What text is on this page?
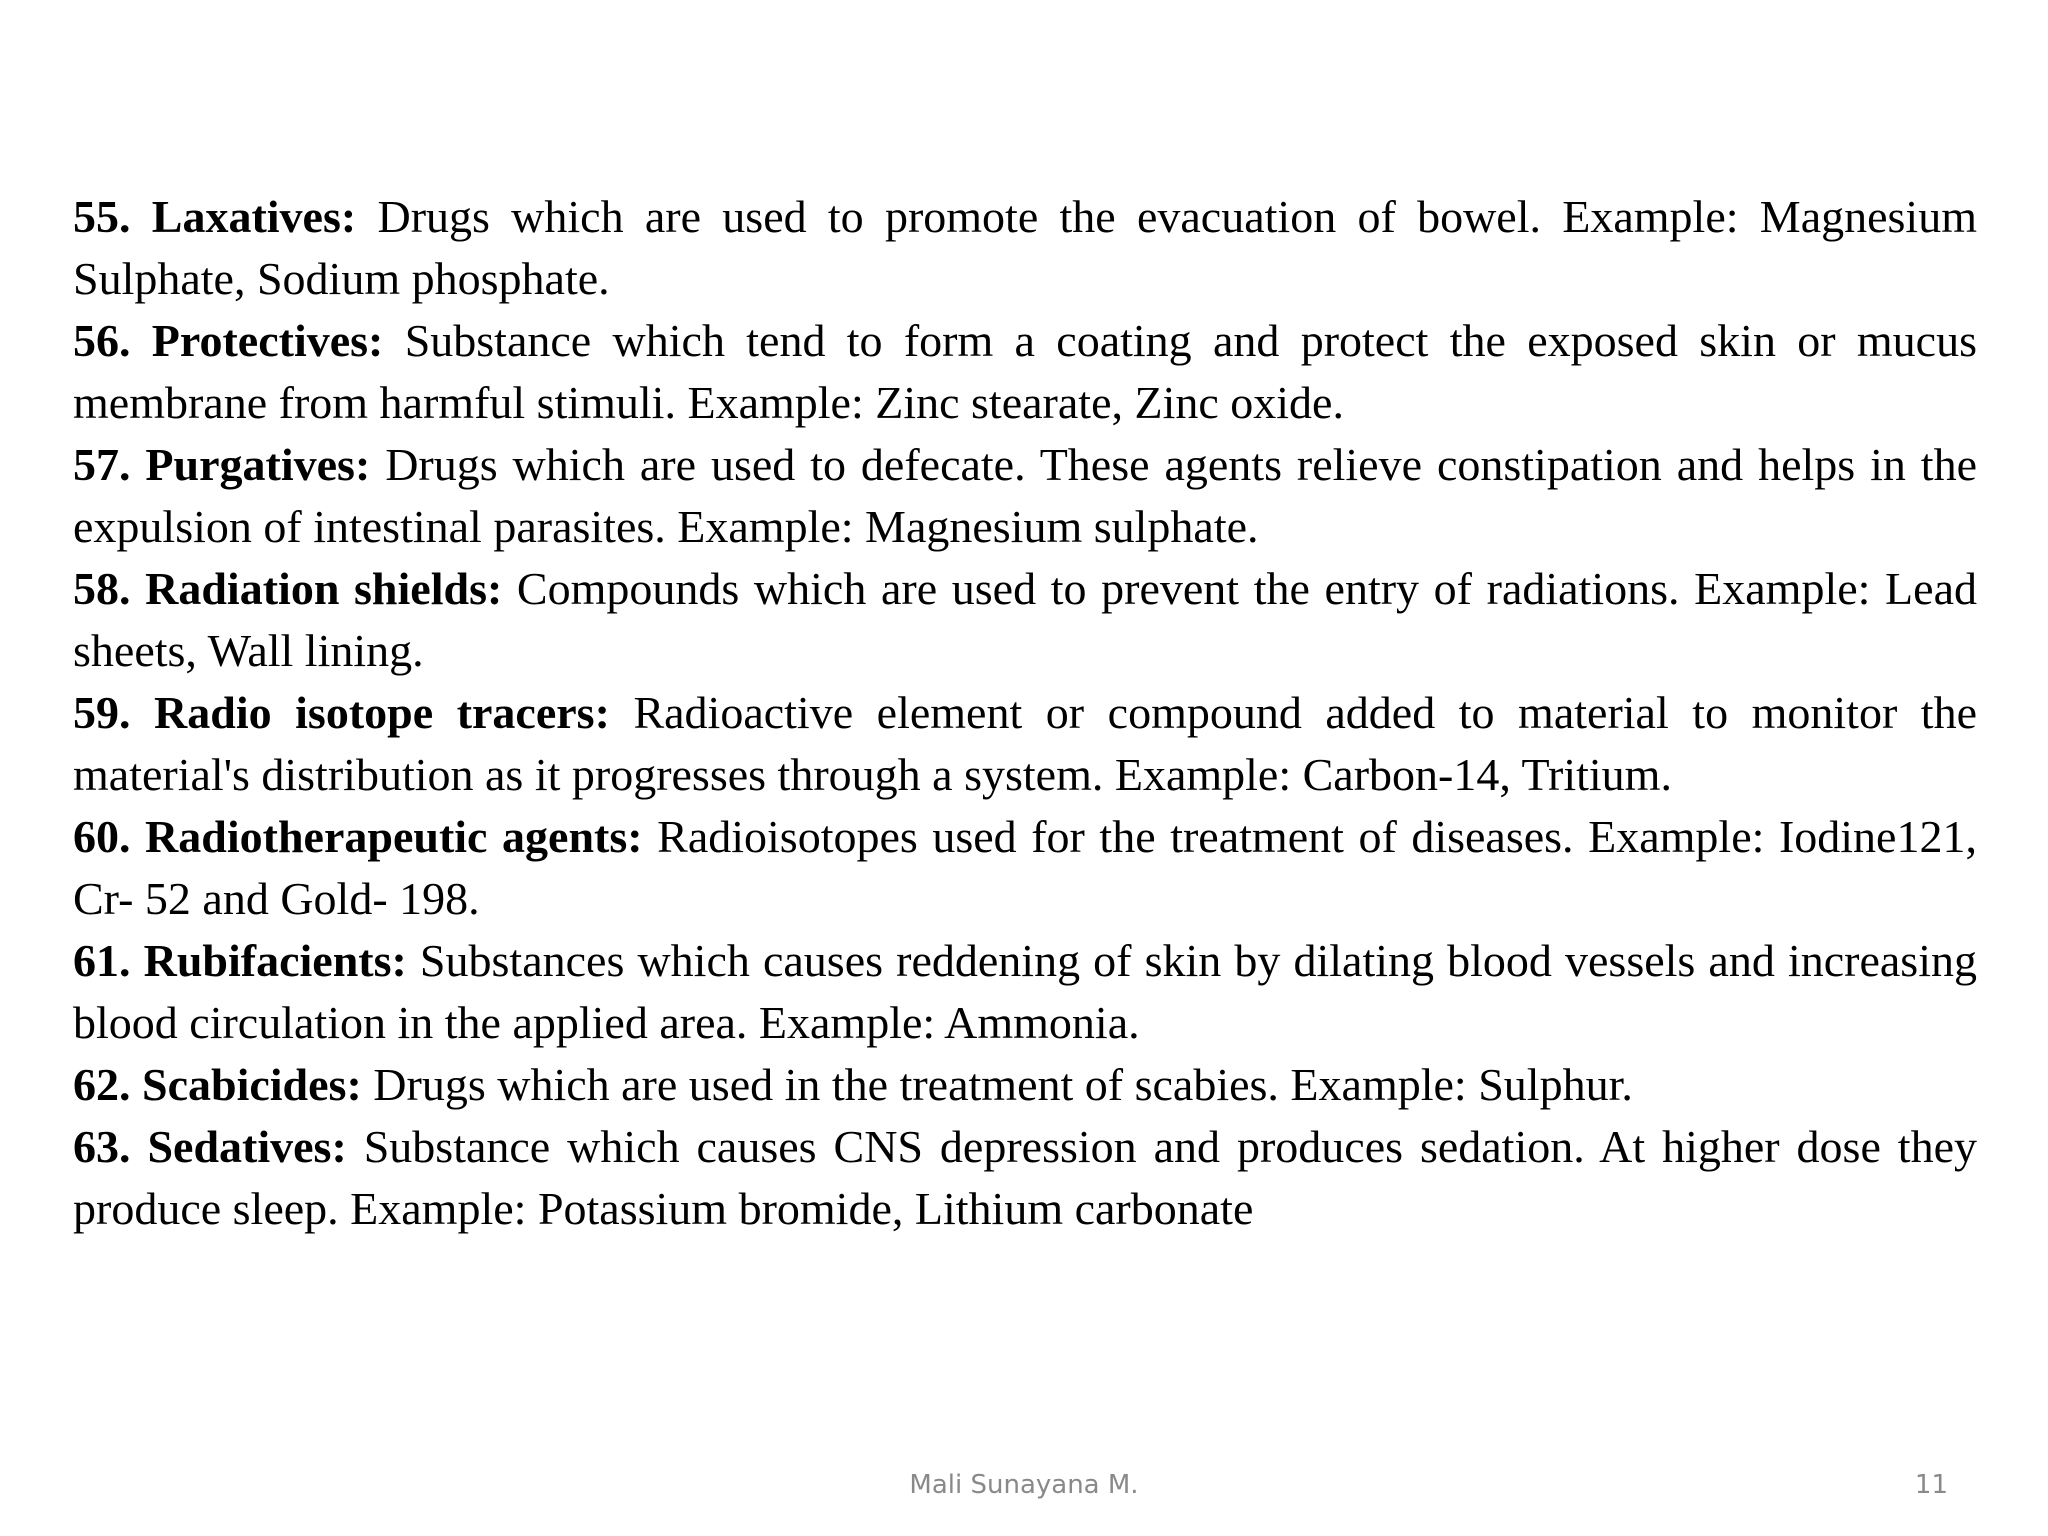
55. Laxatives: Drugs which are used to promote the evacuation of bowel. Example: Magnesium Sulphate, Sodium phosphate.

56. Protectives: Substance which tend to form a coating and protect the exposed skin or mucus membrane from harmful stimuli. Example: Zinc stearate, Zinc oxide.

57. Purgatives: Drugs which are used to defecate. These agents relieve constipation and helps in the expulsion of intestinal parasites. Example: Magnesium sulphate.

58. Radiation shields: Compounds which are used to prevent the entry of radiations. Example: Lead sheets, Wall lining.

59. Radio isotope tracers: Radioactive element or compound added to material to monitor the material's distribution as it progresses through a system. Example: Carbon-14, Tritium.

60. Radiotherapeutic agents: Radioisotopes used for the treatment of diseases. Example: Iodine121, Cr- 52 and Gold- 198.

61. Rubifacients: Substances which causes reddening of skin by dilating blood vessels and increasing blood circulation in the applied area. Example: Ammonia.

62. Scabicides: Drugs which are used in the treatment of scabies. Example: Sulphur.

63. Sedatives: Substance which causes CNS depression and produces sedation. At higher dose they produce sleep. Example: Potassium bromide, Lithium carbonate

Mali Sunayana M.	11
